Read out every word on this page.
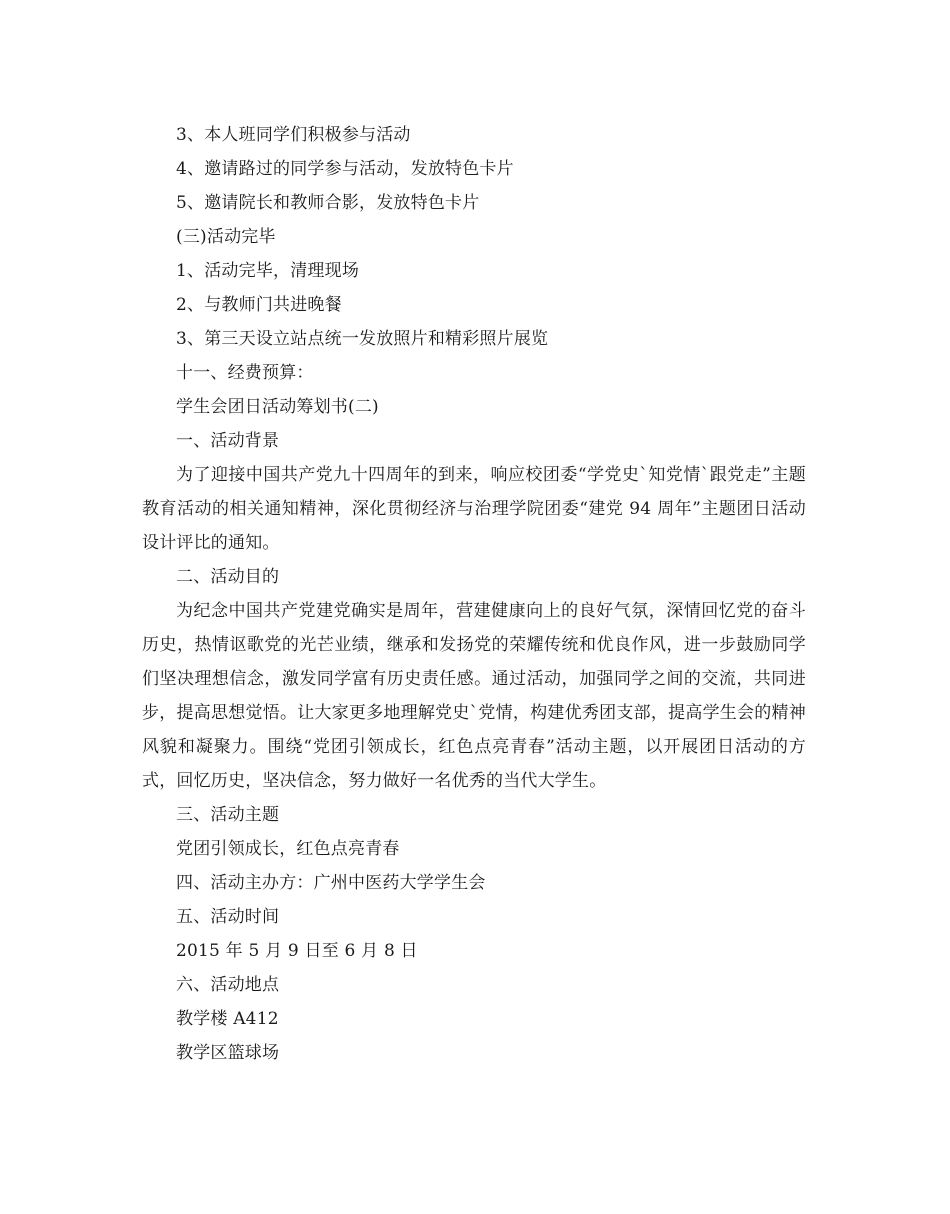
3、本人班同学们积极参与活动
4、邀请路过的同学参与活动，发放特色卡片
5、邀请院长和教师合影，发放特色卡片
(三)活动完毕
1、活动完毕，清理现场
2、与教师门共进晚餐
3、第三天设立站点统一发放照片和精彩照片展览
十一、经费预算：
学生会团日活动筹划书(二)
一、活动背景
为了迎接中国共产党九十四周年的到来，响应校团委“学党史`知党情`跟党走”主题教育活动的相关通知精神，深化贯彻经济与治理学院团委“建党 94 周年”主题团日活动设计评比的通知。
二、活动目的
为纪念中国共产党建党确实是周年，营建健康向上的良好气氛，深情回忆党的奋斗历史，热情讴歌党的光芒业绩，继承和发扬党的荣耀传统和优良作风，进一步鼓励同学们坚决理想信念，激发同学富有历史责任感。通过活动，加强同学之间的交流，共同进步，提高思想觉悟。让大家更多地理解党史`党情，构建优秀团支部，提高学生会的精神风貌和凝聚力。围绕“党团引领成长，红色点亮青春”活动主题，以开展团日活动的方式，回忆历史，坚决信念，努力做好一名优秀的当代大学生。
三、活动主题
党团引领成长，红色点亮青春
四、活动主办方：广州中医药大学学生会
五、活动时间
2015 年 5 月 9 日至 6 月 8 日
六、活动地点
教学楼 A412
教学区篮球场
